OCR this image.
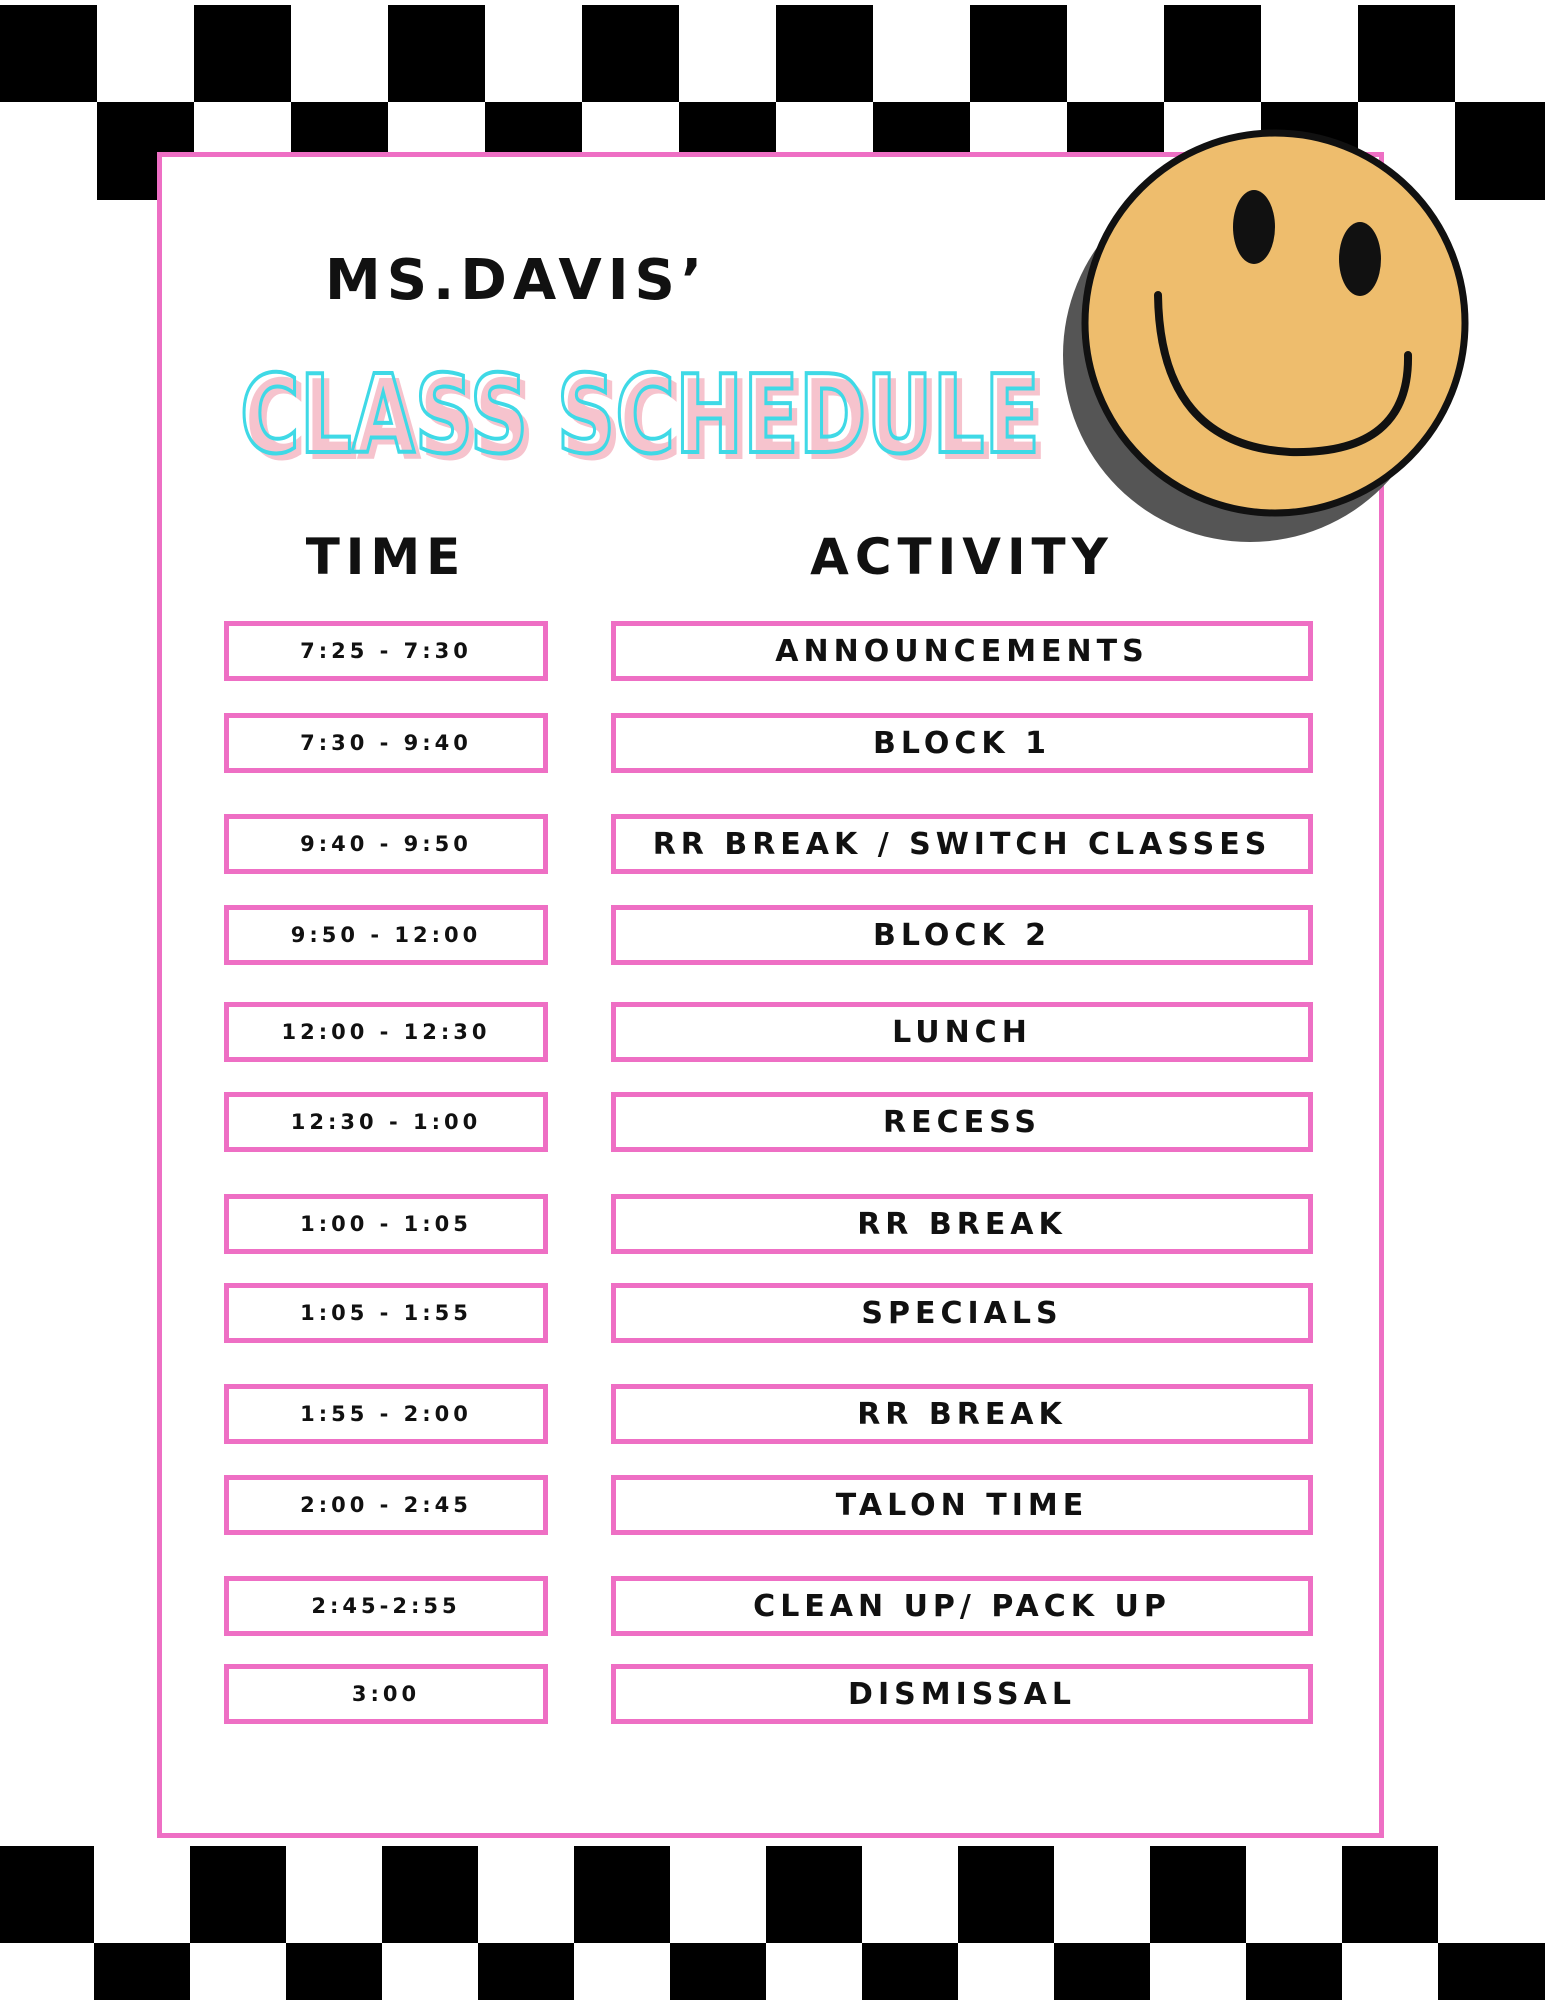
MS.DAVIS’
CLASS SCHEDULE
CLASS SCHEDULE
TIME	ACTIVITY
7:25 - 7:30	ANNOUNCEMENTS
7:30 - 9:40	BLOCK 1
9:40 - 9:50	RR BREAK / SWITCH CLASSES
9:50 - 12:00	BLOCK 2
12:00 - 12:30	LUNCH
12:30 - 1:00	RECESS
1:00 - 1:05	RR BREAK
1:05 - 1:55	SPECIALS
1:55 - 2:00	RR BREAK
2:00 - 2:45	TALON TIME
2:45-2:55	CLEAN UP/ PACK UP
3:00	DISMISSAL
